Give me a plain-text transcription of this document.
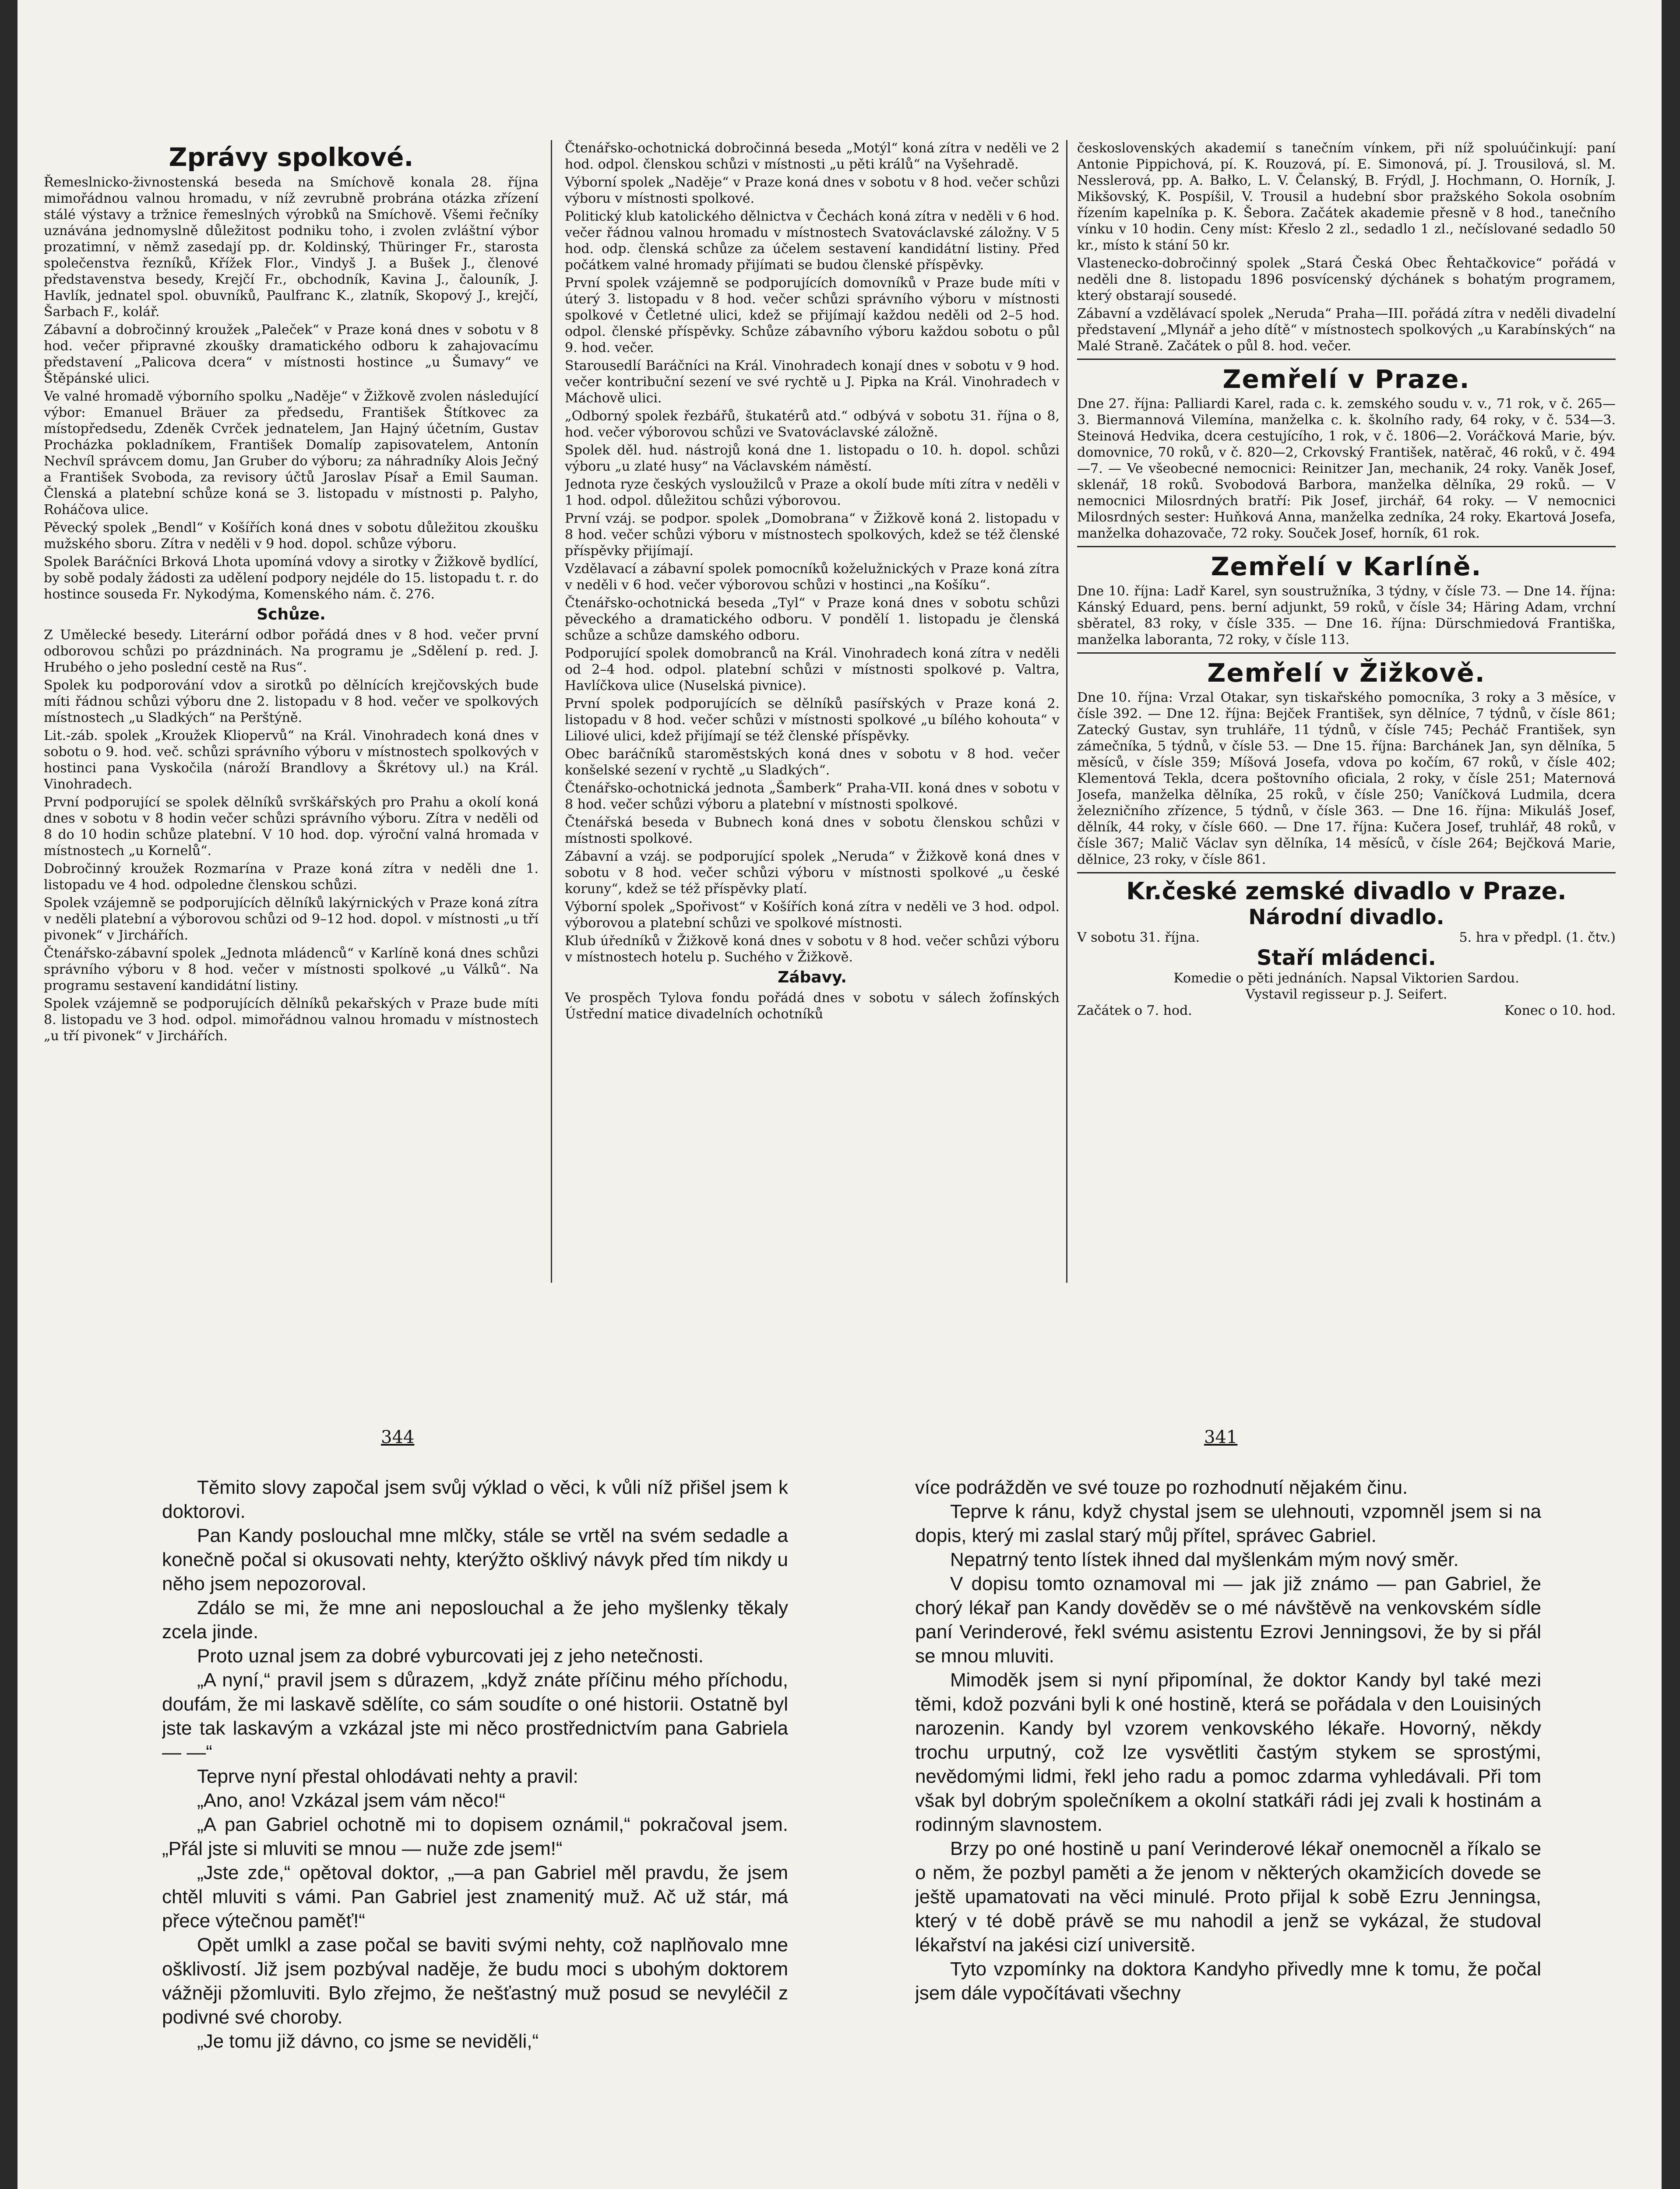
Zprávy spolkové.

Řemeslnicko-živnostenská beseda na Smíchově konala 28. října mimořádnou valnou hromadu, v níž zevrubně probrána otázka zřízení stálé výstavy a tržnice řemeslných výrobků na Smíchově. Všemi řečníky uznávána jednomyslně důležitost podniku toho, i zvolen zvláštní výbor prozatimní, v němž zasedají pp. dr. Koldinský, Thüringer Fr., starosta společenstva řezníků, Křížek Flor., Vindyš J. a Bušek J., členové představenstva besedy, Krejčí Fr., obchodník, Kavina J., čalouník, J. Havlík, jednatel spol. obuvníků, Paulfranc K., zlatník, Skopový J., krejčí, Šarbach F., kolář.

Zábavní a dobročinný kroužek „Paleček“ v Praze koná dnes v sobotu v 8 hod. večer připravné zkoušky dramatického odboru k zahajovacímu představení „Palicova dcera“ v místnosti hostince „u Šumavy“ ve Štěpánské ulici.

Ve valné hromadě výborního spolku „Naděje“ v Žižkově zvolen následující výbor: Emanuel Bräuer za předsedu, František Štítkovec za místopředsedu, Zdeněk Cvrček jednatelem, Jan Hajný účetním, Gustav Procházka pokladníkem, František Domalíp zapisovatelem, Antonín Nechvíl správcem domu, Jan Gruber do výboru; za náhradníky Alois Ječný a František Svoboda, za revisory účtů Jaroslav Písař a Emil Sauman. Členská a platební schůze koná se 3. listopadu v místnosti p. Palyho, Roháčova ulice.

Pěvecký spolek „Bendl“ v Košířích koná dnes v sobotu důležitou zkoušku mužského sboru. Zítra v neděli v 9 hod. dopol. schůze výboru.

Spolek Baráčníci Brková Lhota upomíná vdovy a sirotky v Žižkově bydlící, by sobě podaly žádosti za udělení podpory nejdéle do 15. listopadu t. r. do hostince souseda Fr. Nykodýma, Komenského nám. č. 276.

Schůze.

Z Umělecké besedy. Literární odbor pořádá dnes v 8 hod. večer první odborovou schůzi po prázdninách. Na programu je „Sdělení p. red. J. Hrubého o jeho poslední cestě na Rus“.

Spolek ku podporování vdov a sirotků po dělnících krejčovských bude míti řádnou schůzi výboru dne 2. listopadu v 8 hod. večer ve spolkových místnostech „u Sladkých“ na Perštýně.

Lit.-záb. spolek „Kroužek Kliopervů“ na Král. Vinohradech koná dnes v sobotu o 9. hod. več. schůzi správního výboru v místnostech spolkových v hostinci pana Vyskočila (nároží Brandlovy a Škrétovy ul.) na Král. Vinohradech.

První podporující se spolek dělníků svrškářských pro Prahu a okolí koná dnes v sobotu v 8 hodin večer schůzi správního výboru. Zítra v neděli od 8 do 10 hodin schůze platební. V 10 hod. dop. výroční valná hromada v místnostech „u Kornelů“.

Dobročinný kroužek Rozmarína v Praze koná zítra v neděli dne 1. listopadu ve 4 hod. odpoledne členskou schůzi.

Spolek vzájemně se podporujících dělníků lakýrnických v Praze koná zítra v neděli platební a výborovou schůzi od 9–12 hod. dopol. v místnosti „u tří pivonek“ v Jirchářích.

Čtenářsko-zábavní spolek „Jednota mládenců“ v Karlíně koná dnes schůzi správního výboru v 8 hod. večer v místnosti spolkové „u Válků“. Na programu sestavení kandidátní listiny.

Spolek vzájemně se podporujících dělníků pekařských v Praze bude míti 8. listopadu ve 3 hod. odpol. mimořádnou valnou hromadu v místnostech „u tří pivonek“ v Jirchářích.

Čtenářsko-ochotnická dobročinná beseda „Motýl“ koná zítra v neděli ve 2 hod. odpol. členskou schůzi v místnosti „u pěti králů“ na Vyšehradě.

Výborní spolek „Naděje“ v Praze koná dnes v sobotu v 8 hod. večer schůzi výboru v místnosti spolkové.

Politický klub katolického dělnictva v Čechách koná zítra v neděli v 6 hod. večer řádnou valnou hromadu v místnostech Svatováclavské záložny. V 5 hod. odp. členská schůze za účelem sestavení kandidátní listiny. Před počátkem valné hromady přijímati se budou členské příspěvky.

První spolek vzájemně se podporujících domovníků v Praze bude míti v úterý 3. listopadu v 8 hod. večer schůzi správního výboru v místnosti spolkové v Četletné ulici, kdež se přijímají každou neděli od 2–5 hod. odpol. členské příspěvky. Schůze zábavního výboru každou sobotu o půl 9. hod. večer.

Starousedlí Baráčníci na Král. Vinohradech konají dnes v sobotu v 9 hod. večer kontribuční sezení ve své rychtě u J. Pipka na Král. Vinohradech v Máchově ulici.

„Odborný spolek řezbářů, štukatérů atd.“ odbývá v sobotu 31. října o 8, hod. večer výborovou schůzi ve Svatováclavské záložně.

Spolek děl. hud. nástrojů koná dne 1. listopadu o 10. h. dopol. schůzi výboru „u zlaté husy“ na Václavském náměstí.

Jednota ryze českých vysloužilců v Praze a okolí bude míti zítra v neděli v 1 hod. odpol. důležitou schůzi výborovou.

První vzáj. se podpor. spolek „Domobrana“ v Žižkově koná 2. listopadu v 8 hod. večer schůzi výboru v místnostech spolkových, kdež se též členské příspěvky přijímají.

Vzdělavací a zábavní spolek pomocníků koželužnických v Praze koná zítra v neděli v 6 hod. večer výborovou schůzi v hostinci „na Košíku“.

Čtenářsko-ochotnická beseda „Tyl“ v Praze koná dnes v sobotu schůzi pěveckého a dramatického odboru. V pondělí 1. listopadu je členská schůze a schůze damského odboru.

Podporující spolek domobranců na Král. Vinohradech koná zítra v neděli od 2–4 hod. odpol. platební schůzi v místnosti spolkové p. Valtra, Havlíčkova ulice (Nuselská pivnice).

První spolek podporujících se dělníků pasířských v Praze koná 2. listopadu v 8 hod. večer schůzi v místnosti spolkové „u bílého kohouta“ v Liliové ulici, kdež přijímají se též členské příspěvky.

Obec baráčníků staroměstských koná dnes v sobotu v 8 hod. večer konšelské sezení v rychtě „u Sladkých“.

Čtenářsko-ochotnická jednota „Šamberk“ Praha-VII. koná dnes v sobotu v 8 hod. večer schůzi výboru a platební v místnosti spolkové.

Čtenářská beseda v Bubnech koná dnes v sobotu členskou schůzi v místnosti spolkové.

Zábavní a vzáj. se podporující spolek „Neruda“ v Žižkově koná dnes v sobotu v 8 hod. večer schůzi výboru v místnosti spolkové „u české koruny“, kdež se též příspěvky platí.

Výborní spolek „Spořivost“ v Košířích koná zítra v neděli ve 3 hod. odpol. výborovou a platební schůzi ve spolkové místnosti.

Klub úředníků v Žižkově koná dnes v sobotu v 8 hod. večer schůzi výboru v místnostech hotelu p. Suchého v Žižkově.

Zábavy.

Ve prospěch Tylova fondu pořádá dnes v sobotu v sálech žofínských Ústřední matice divadelních ochotníků

československých akademií s tanečním vínkem, při níž spoluúčinkují: paní Antonie Pippichová, pí. K. Rouzová, pí. E. Simonová, pí. J. Trousilová, sl. M. Nesslerová, pp. A. Bałko, L. V. Čelanský, B. Frýdl, J. Hochmann, O. Horník, J. Mikšovský, K. Pospíšil, V. Trousil a hudební sbor pražského Sokola osobním řízením kapelníka p. K. Šebora. Začátek akademie přesně v 8 hod., tanečního vínku v 10 hodin. Ceny míst: Křeslo 2 zl., sedadlo 1 zl., nečíslované sedadlo 50 kr., místo k stání 50 kr.

Vlastenecko-dobročinný spolek „Stará Česká Obec Řehtačkovice“ pořádá v neděli dne 8. listopadu 1896 posvícenský dýchánek s bohatým programem, který obstarají sousedé.

Zábavní a vzdělávací spolek „Neruda“ Praha—III. pořádá zítra v neděli divadelní představení „Mlynář a jeho dítě“ v místnostech spolkových „u Karabínských“ na Malé Straně. Začátek o půl 8. hod. večer.

Zemřelí v Praze.

Dne 27. října: Palliardi Karel, rada c. k. zemského soudu v. v., 71 rok, v č. 265—3. Biermannová Vilemína, manželka c. k. školního rady, 64 roky, v č. 534—3. Steinová Hedvika, dcera cestujícího, 1 rok, v č. 1806—2. Voráčková Marie, býv. domovnice, 70 roků, v č. 820—2, Crkovský František, natěrač, 46 roků, v č. 494—7. — Ve všeobecné nemocnici: Reinitzer Jan, mechanik, 24 roky. Vaněk Josef, sklenář, 18 roků. Svobodová Barbora, manželka dělníka, 29 roků. — V nemocnici Milosrdných bratří: Pik Josef, jirchář, 64 roky. — V nemocnici Milosrdných sester: Huňková Anna, manželka zedníka, 24 roky. Ekartová Josefa, manželka dohazovače, 72 roky. Souček Josef, horník, 61 rok.

Zemřelí v Karlíně.

Dne 10. října: Ladř Karel, syn soustružníka, 3 týdny, v čísle 73. — Dne 14. října: Kánský Eduard, pens. berní adjunkt, 59 roků, v čísle 34; Häring Adam, vrchní sběratel, 83 roky, v čísle 335. — Dne 16. října: Dürschmiedová Františka, manželka laboranta, 72 roky, v čísle 113.

Zemřelí v Žižkově.

Dne 10. října: Vrzal Otakar, syn tiskařského pomocníka, 3 roky a 3 měsíce, v čísle 392. — Dne 12. října: Bejček František, syn dělníce, 7 týdnů, v čísle 861; Zatecký Gustav, syn truhláře, 11 týdnů, v čísle 745; Pecháč František, syn zámečníka, 5 týdnů, v čísle 53. — Dne 15. října: Barchánek Jan, syn dělníka, 5 měsíců, v čísle 359; Míšová Josefa, vdova po kočím, 67 roků, v čísle 402; Klementová Tekla, dcera poštovního oficiala, 2 roky, v čísle 251; Maternová Josefa, manželka dělníka, 25 roků, v čísle 250; Vaníčková Ludmila, dcera železničního zřízence, 5 týdnů, v čísle 363. — Dne 16. října: Mikuláš Josef, dělník, 44 roky, v čísle 660. — Dne 17. října: Kučera Josef, truhlář, 48 roků, v čísle 367; Malič Václav syn dělníka, 14 měsíců, v čísle 264; Bejčková Marie, dělnice, 23 roky, v čísle 861.

Kr.české zemské divadlo v Praze.
Národní divadlo.
V sobotu 31. října.	5. hra v předpl. (1. čtv.)
Staří mládenci.
Komedie o pěti jednáních. Napsal Viktorien Sardou.
Vystavil regisseur p. J. Seifert.
Začátek o 7. hod.	Konec o 10. hod.
344	341

Těmito slovy započal jsem svůj výklad o věci, k vůli níž přišel jsem k doktorovi.

Pan Kandy poslouchal mne mlčky, stále se vrtěl na svém sedadle a konečně počal si okusovati nehty, kterýžto ošklivý návyk před tím nikdy u něho jsem nepozoroval.

Zdálo se mi, že mne ani neposlouchal a že jeho myšlenky těkaly zcela jinde.

Proto uznal jsem za dobré vyburcovati jej z jeho netečnosti.

„A nyní,“ pravil jsem s důrazem, „když znáte příčinu mého příchodu, doufám, že mi laskavě sdělíte, co sám soudíte o oné historii. Ostatně byl jste tak laskavým a vzkázal jste mi něco prostřednictvím pana Gabriela — —“

Teprve nyní přestal ohlodávati nehty a pravil:

„Ano, ano! Vzkázal jsem vám něco!“

„A pan Gabriel ochotně mi to dopisem oznámil,“ pokračoval jsem. „Přál jste si mluviti se mnou — nuže zde jsem!“

„Jste zde,“ opětoval doktor, „—a pan Gabriel měl pravdu, že jsem chtěl mluviti s vámi. Pan Gabriel jest znamenitý muž. Ač už stár, má přece výtečnou paměť!“

Opět umlkl a zase počal se baviti svými nehty, což naplňovalo mne ošklivostí. Již jsem pozbýval naděje, že budu moci s ubohým doktorem vážněji pžomluviti. Bylo zřejmo, že nešťastný muž posud se nevyléčil z podivné své choroby.

„Je tomu již dávno, co jsme se neviděli,“

více podrážděn ve své touze po rozhodnutí nějakém činu.

Teprve k ránu, když chystal jsem se ulehnouti, vzpomněl jsem si na dopis, který mi zaslal starý můj přítel, správec Gabriel.

Nepatrný tento lístek ihned dal myšlenkám mým nový směr.

V dopisu tomto oznamoval mi — jak již známo — pan Gabriel, že chorý lékař pan Kandy dověděv se o mé návštěvě na venkovském sídle paní Verinderové, řekl svému asistentu Ezrovi Jenningsovi, že by si přál se mnou mluviti.

Mimoděk jsem si nyní připomínal, že doktor Kandy byl také mezi těmi, kdož pozváni byli k oné hostině, která se pořádala v den Louisiných narozenin. Kandy byl vzorem venkovského lékaře. Hovorný, někdy trochu urputný, což lze vysvětliti častým stykem se sprostými, nevědomými lidmi, řekl jeho radu a pomoc zdarma vyhledávali. Při tom však byl dobrým společníkem a okolní statkáři rádi jej zvali k hostinám a rodinným slavnostem.

Brzy po oné hostině u paní Verinderové lékař onemocněl a říkalo se o něm, že pozbyl paměti a že jenom v některých okamžicích dovede se ještě upamatovati na věci minulé. Proto přijal k sobě Ezru Jenningsa, který v té době právě se mu nahodil a jenž se vykázal, že studoval lékařství na jakési cizí universitě.

Tyto vzpomínky na doktora Kandyho přivedly mne k tomu, že počal jsem dále vypočítávati všechny
